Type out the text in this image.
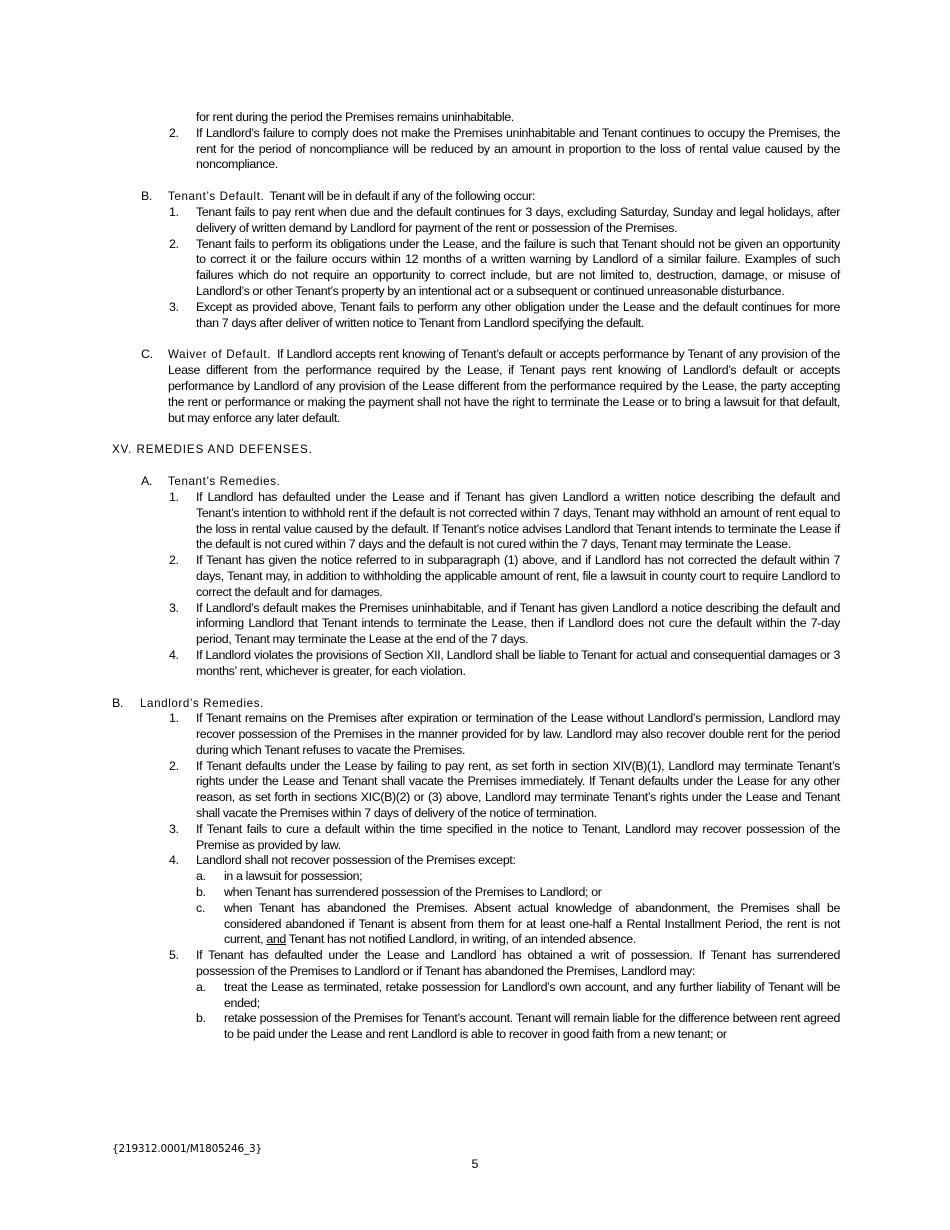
for rent during the period the Premises remains uninhabitable.
2. If Landlord’s failure to comply does not make the Premises uninhabitable and Tenant continues to occupy the Premises, the rent for the period of noncompliance will be reduced by an amount in proportion to the loss of rental value caused by the noncompliance.
B. Tenant’s Default.  Tenant will be in default if any of the following occur:
1. Tenant fails to pay rent when due and the default continues for 3 days, excluding Saturday, Sunday and legal holidays, after delivery of written demand by Landlord for payment of the rent or possession of the Premises.
2. Tenant fails to perform its obligations under the Lease, and the failure is such that Tenant should not be given an opportunity to correct it or the failure occurs within 12 months of a written warning by Landlord of a similar failure. Examples of such failures which do not require an opportunity to correct include, but are not limited to, destruction, damage, or misuse of Landlord’s or other Tenant’s property by an intentional act or a subsequent or continued unreasonable disturbance.
3. Except as provided above, Tenant fails to perform any other obligation under the Lease and the default continues for more than 7 days after deliver of written notice to Tenant from Landlord specifying the default.
C. Waiver of Default.  If Landlord accepts rent knowing of Tenant’s default or accepts performance by Tenant of any provision of the Lease different from the performance required by the Lease, if Tenant pays rent knowing of Landlord’s default or accepts performance by Landlord of any provision of the Lease different from the performance required by the Lease, the party accepting the rent or performance or making the payment shall not have the right to terminate the Lease or to bring a lawsuit for that default, but may enforce any later default.
XV. REMEDIES AND DEFENSES.
A. Tenant’s Remedies.
1. If Landlord has defaulted under the Lease and if Tenant has given Landlord a written notice describing the default and Tenant’s intention to withhold rent if the default is not corrected within 7 days, Tenant may withhold an amount of rent equal to the loss in rental value caused by the default. If Tenant’s notice advises Landlord that Tenant intends to terminate the Lease if the default is not cured within 7 days and the default is not cured within the 7 days, Tenant may terminate the Lease.
2. If Tenant has given the notice referred to in subparagraph (1) above, and if Landlord has not corrected the default within 7 days, Tenant may, in addition to withholding the applicable amount of rent, file a lawsuit in county court to require Landlord to correct the default and for damages.
3. If Landlord’s default makes the Premises uninhabitable, and if Tenant has given Landlord a notice describing the default and informing Landlord that Tenant intends to terminate the Lease, then if Landlord does not cure the default within the 7-day period, Tenant may terminate the Lease at the end of the 7 days.
4. If Landlord violates the provisions of Section XII, Landlord shall be liable to Tenant for actual and consequential damages or 3 months’ rent, whichever is greater, for each violation.
B. Landlord’s Remedies.
1. If Tenant remains on the Premises after expiration or termination of the Lease without Landlord’s permission, Landlord may recover possession of the Premises in the manner provided for by law. Landlord may also recover double rent for the period during which Tenant refuses to vacate the Premises.
2. If Tenant defaults under the Lease by failing to pay rent, as set forth in section XIV(B)(1), Landlord may terminate Tenant’s rights under the Lease and Tenant shall vacate the Premises immediately. If Tenant defaults under the Lease for any other reason, as set forth in sections XIC(B)(2) or (3) above, Landlord may terminate Tenant’s rights under the Lease and Tenant shall vacate the Premises within 7 days of delivery of the notice of termination.
3. If Tenant fails to cure a default within the time specified in the notice to Tenant, Landlord may recover possession of the Premise as provided by law.
4. Landlord shall not recover possession of the Premises except:
a. in a lawsuit for possession;
b. when Tenant has surrendered possession of the Premises to Landlord; or
c. when Tenant has abandoned the Premises. Absent actual knowledge of abandonment, the Premises shall be considered abandoned if Tenant is absent from them for at least one-half a Rental Installment Period, the rent is not current, and Tenant has not notified Landlord, in writing, of an intended absence.
5. If Tenant has defaulted under the Lease and Landlord has obtained a writ of possession. If Tenant has surrendered possession of the Premises to Landlord or if Tenant has abandoned the Premises, Landlord may:
a. treat the Lease as terminated, retake possession for Landlord’s own account, and any further liability of Tenant will be ended;
b. retake possession of the Premises for Tenant’s account. Tenant will remain liable for the difference between rent agreed to be paid under the Lease and rent Landlord is able to recover in good faith from a new tenant; or
{219312.0001/M1805246_3}
5
